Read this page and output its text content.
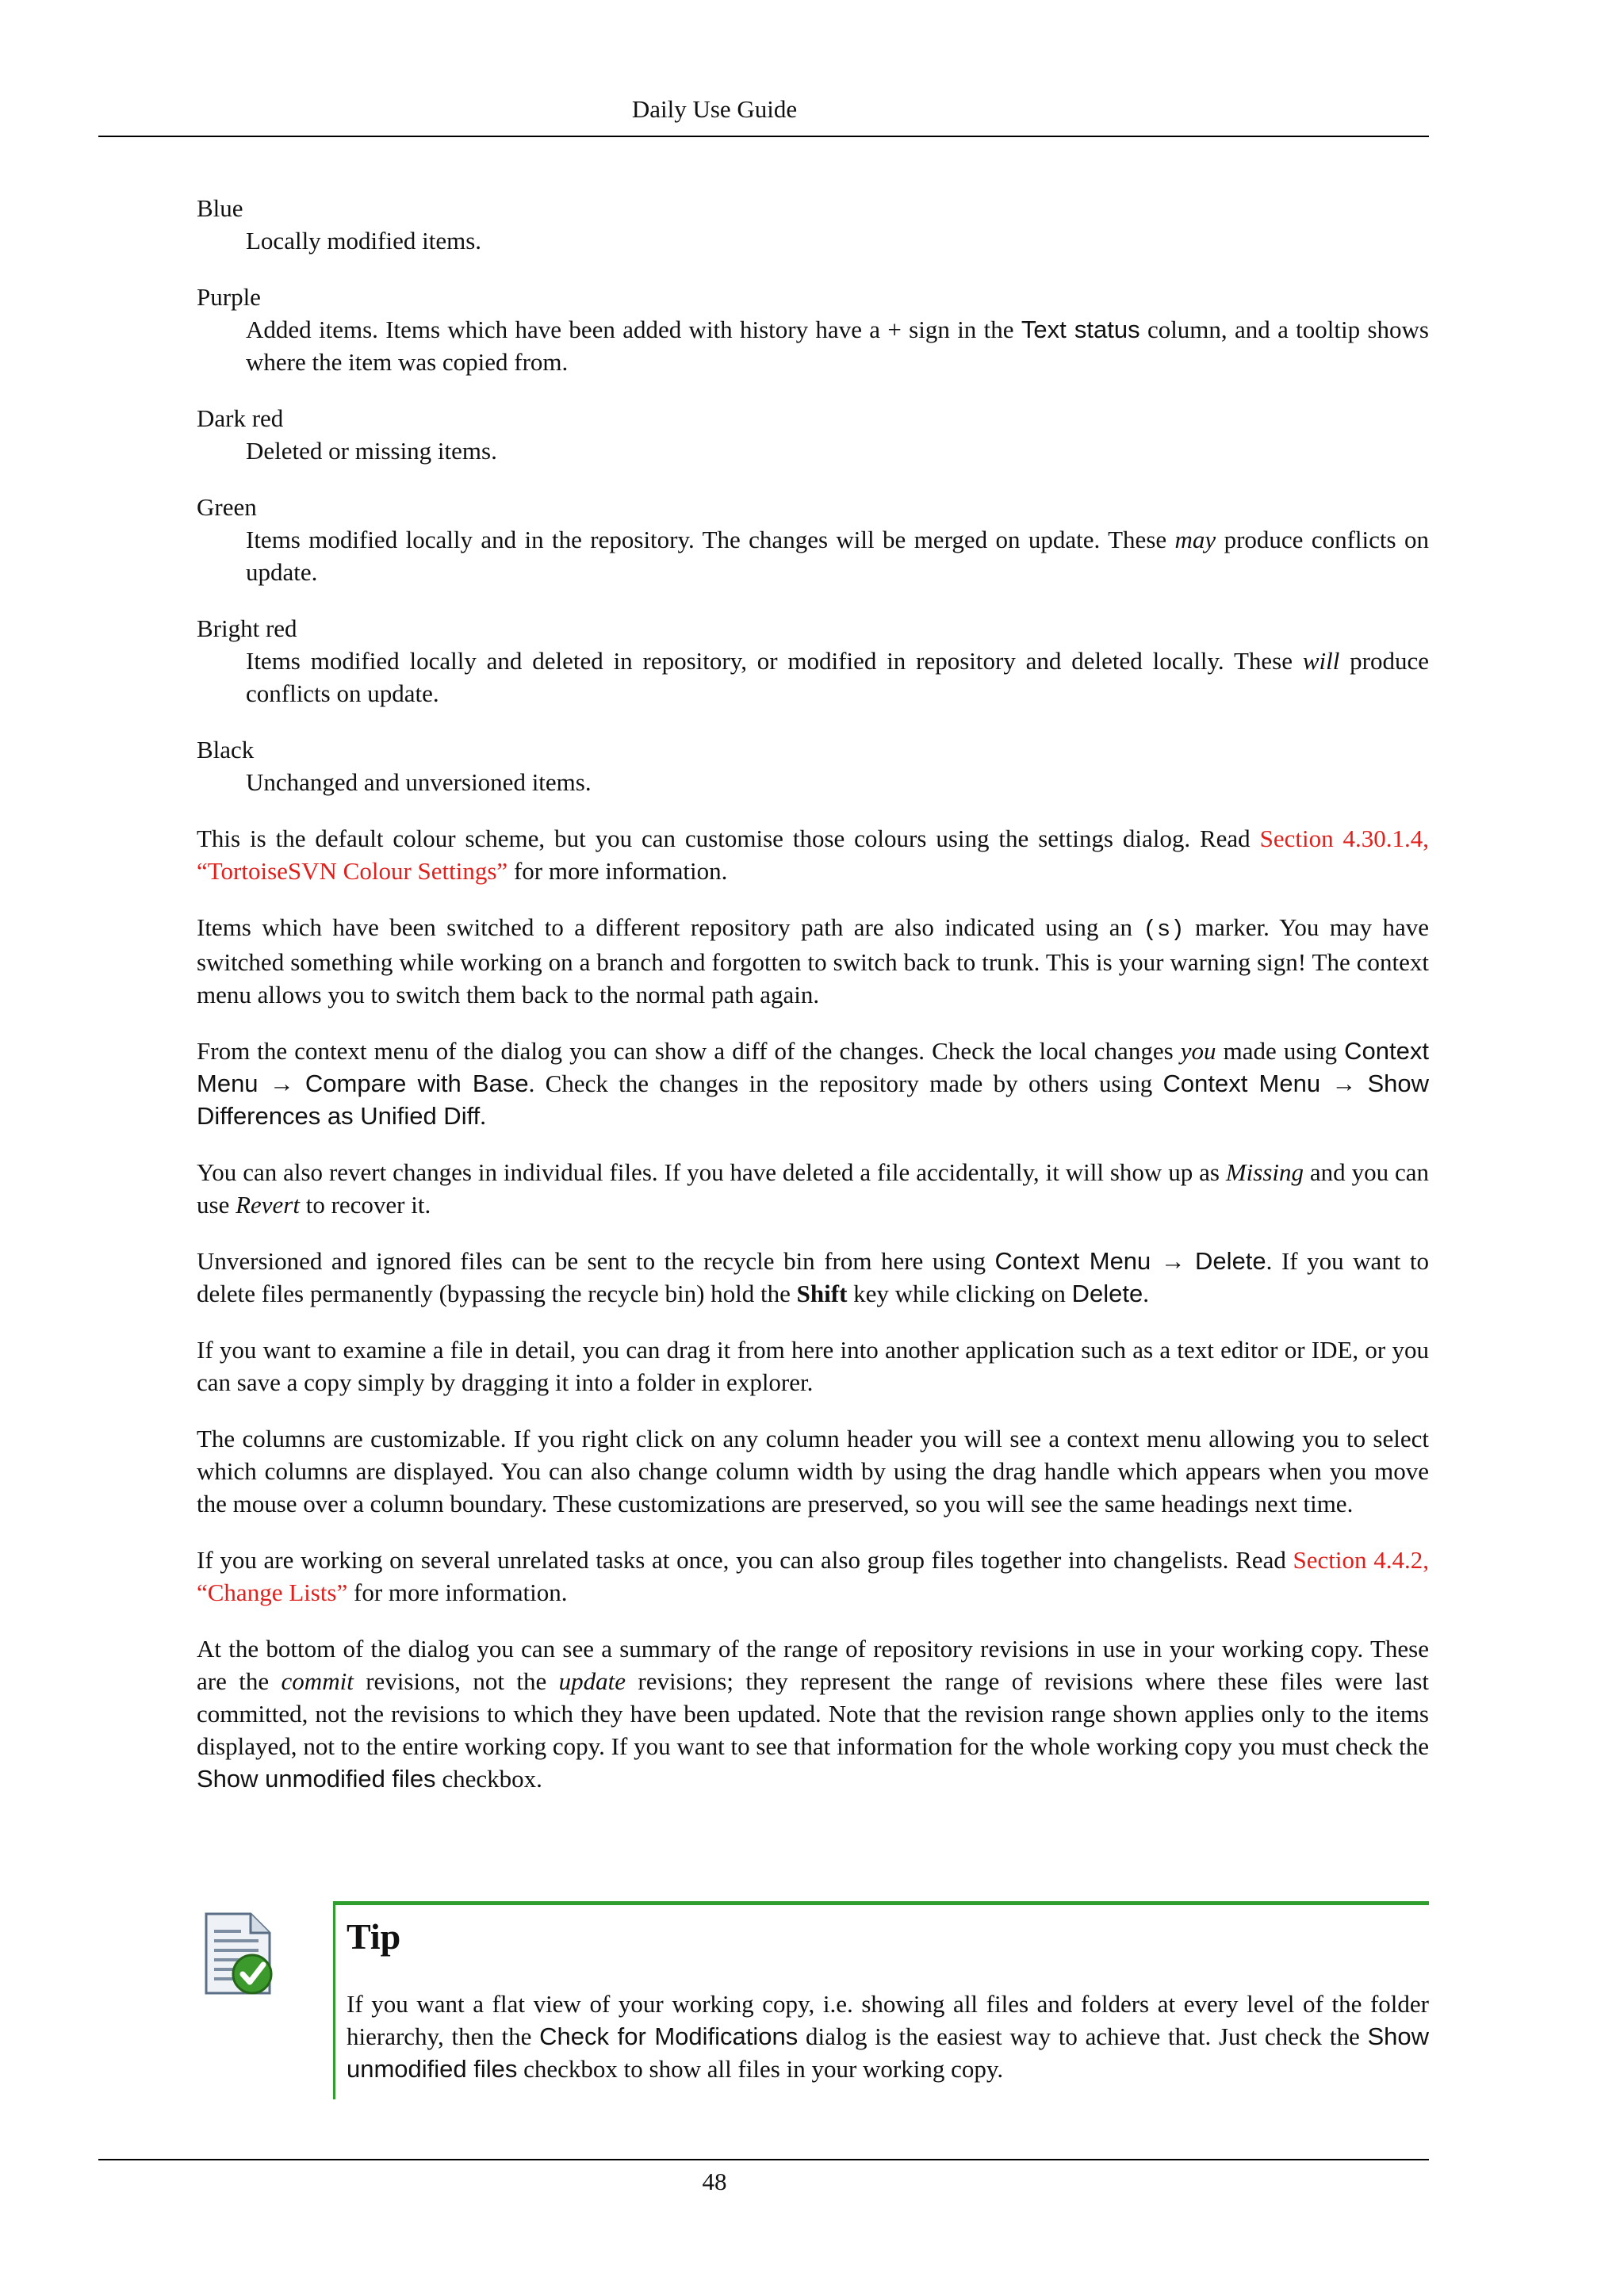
Daily Use Guide
Blue
Locally modified items.
Purple
Added items. Items which have been added with history have a + sign in the Text status column, and a tooltip shows where the item was copied from.
Dark red
Deleted or missing items.
Green
Items modified locally and in the repository. The changes will be merged on update. These may produce conflicts on update.
Bright red
Items modified locally and deleted in repository, or modified in repository and deleted locally. These will produce conflicts on update.
Black
Unchanged and unversioned items.

This is the default colour scheme, but you can customise those colours using the settings dialog. Read Section 4.30.1.4, “TortoiseSVN Colour Settings” for more information.

Items which have been switched to a different repository path are also indicated using an (s) marker. You may have switched something while working on a branch and forgotten to switch back to trunk. This is your warning sign! The context menu allows you to switch them back to the normal path again.

From the context menu of the dialog you can show a diff of the changes. Check the local changes you made using Context Menu → Compare with Base. Check the changes in the repository made by others using Context Menu → Show Differences as Unified Diff.

You can also revert changes in individual files. If you have deleted a file accidentally, it will show up as Missing and you can use Revert to recover it.

Unversioned and ignored files can be sent to the recycle bin from here using Context Menu → Delete. If you want to delete files permanently (bypassing the recycle bin) hold the Shift key while clicking on Delete.

If you want to examine a file in detail, you can drag it from here into another application such as a text editor or IDE, or you can save a copy simply by dragging it into a folder in explorer.

The columns are customizable. If you right click on any column header you will see a context menu allowing you to select which columns are displayed. You can also change column width by using the drag handle which appears when you move the mouse over a column boundary. These customizations are preserved, so you will see the same headings next time.

If you are working on several unrelated tasks at once, you can also group files together into changelists. Read Section 4.4.2, “Change Lists” for more information.

At the bottom of the dialog you can see a summary of the range of repository revisions in use in your working copy. These are the commit revisions, not the update revisions; they represent the range of revisions where these files were last committed, not the revisions to which they have been updated. Note that the revision range shown applies only to the items displayed, not to the entire working copy. If you want to see that information for the whole working copy you must check the Show unmodified files checkbox.

Tip

If you want a flat view of your working copy, i.e. showing all files and folders at every level of the folder hierarchy, then the Check for Modifications dialog is the easiest way to achieve that. Just check the Show unmodified files checkbox to show all files in your working copy.

48
